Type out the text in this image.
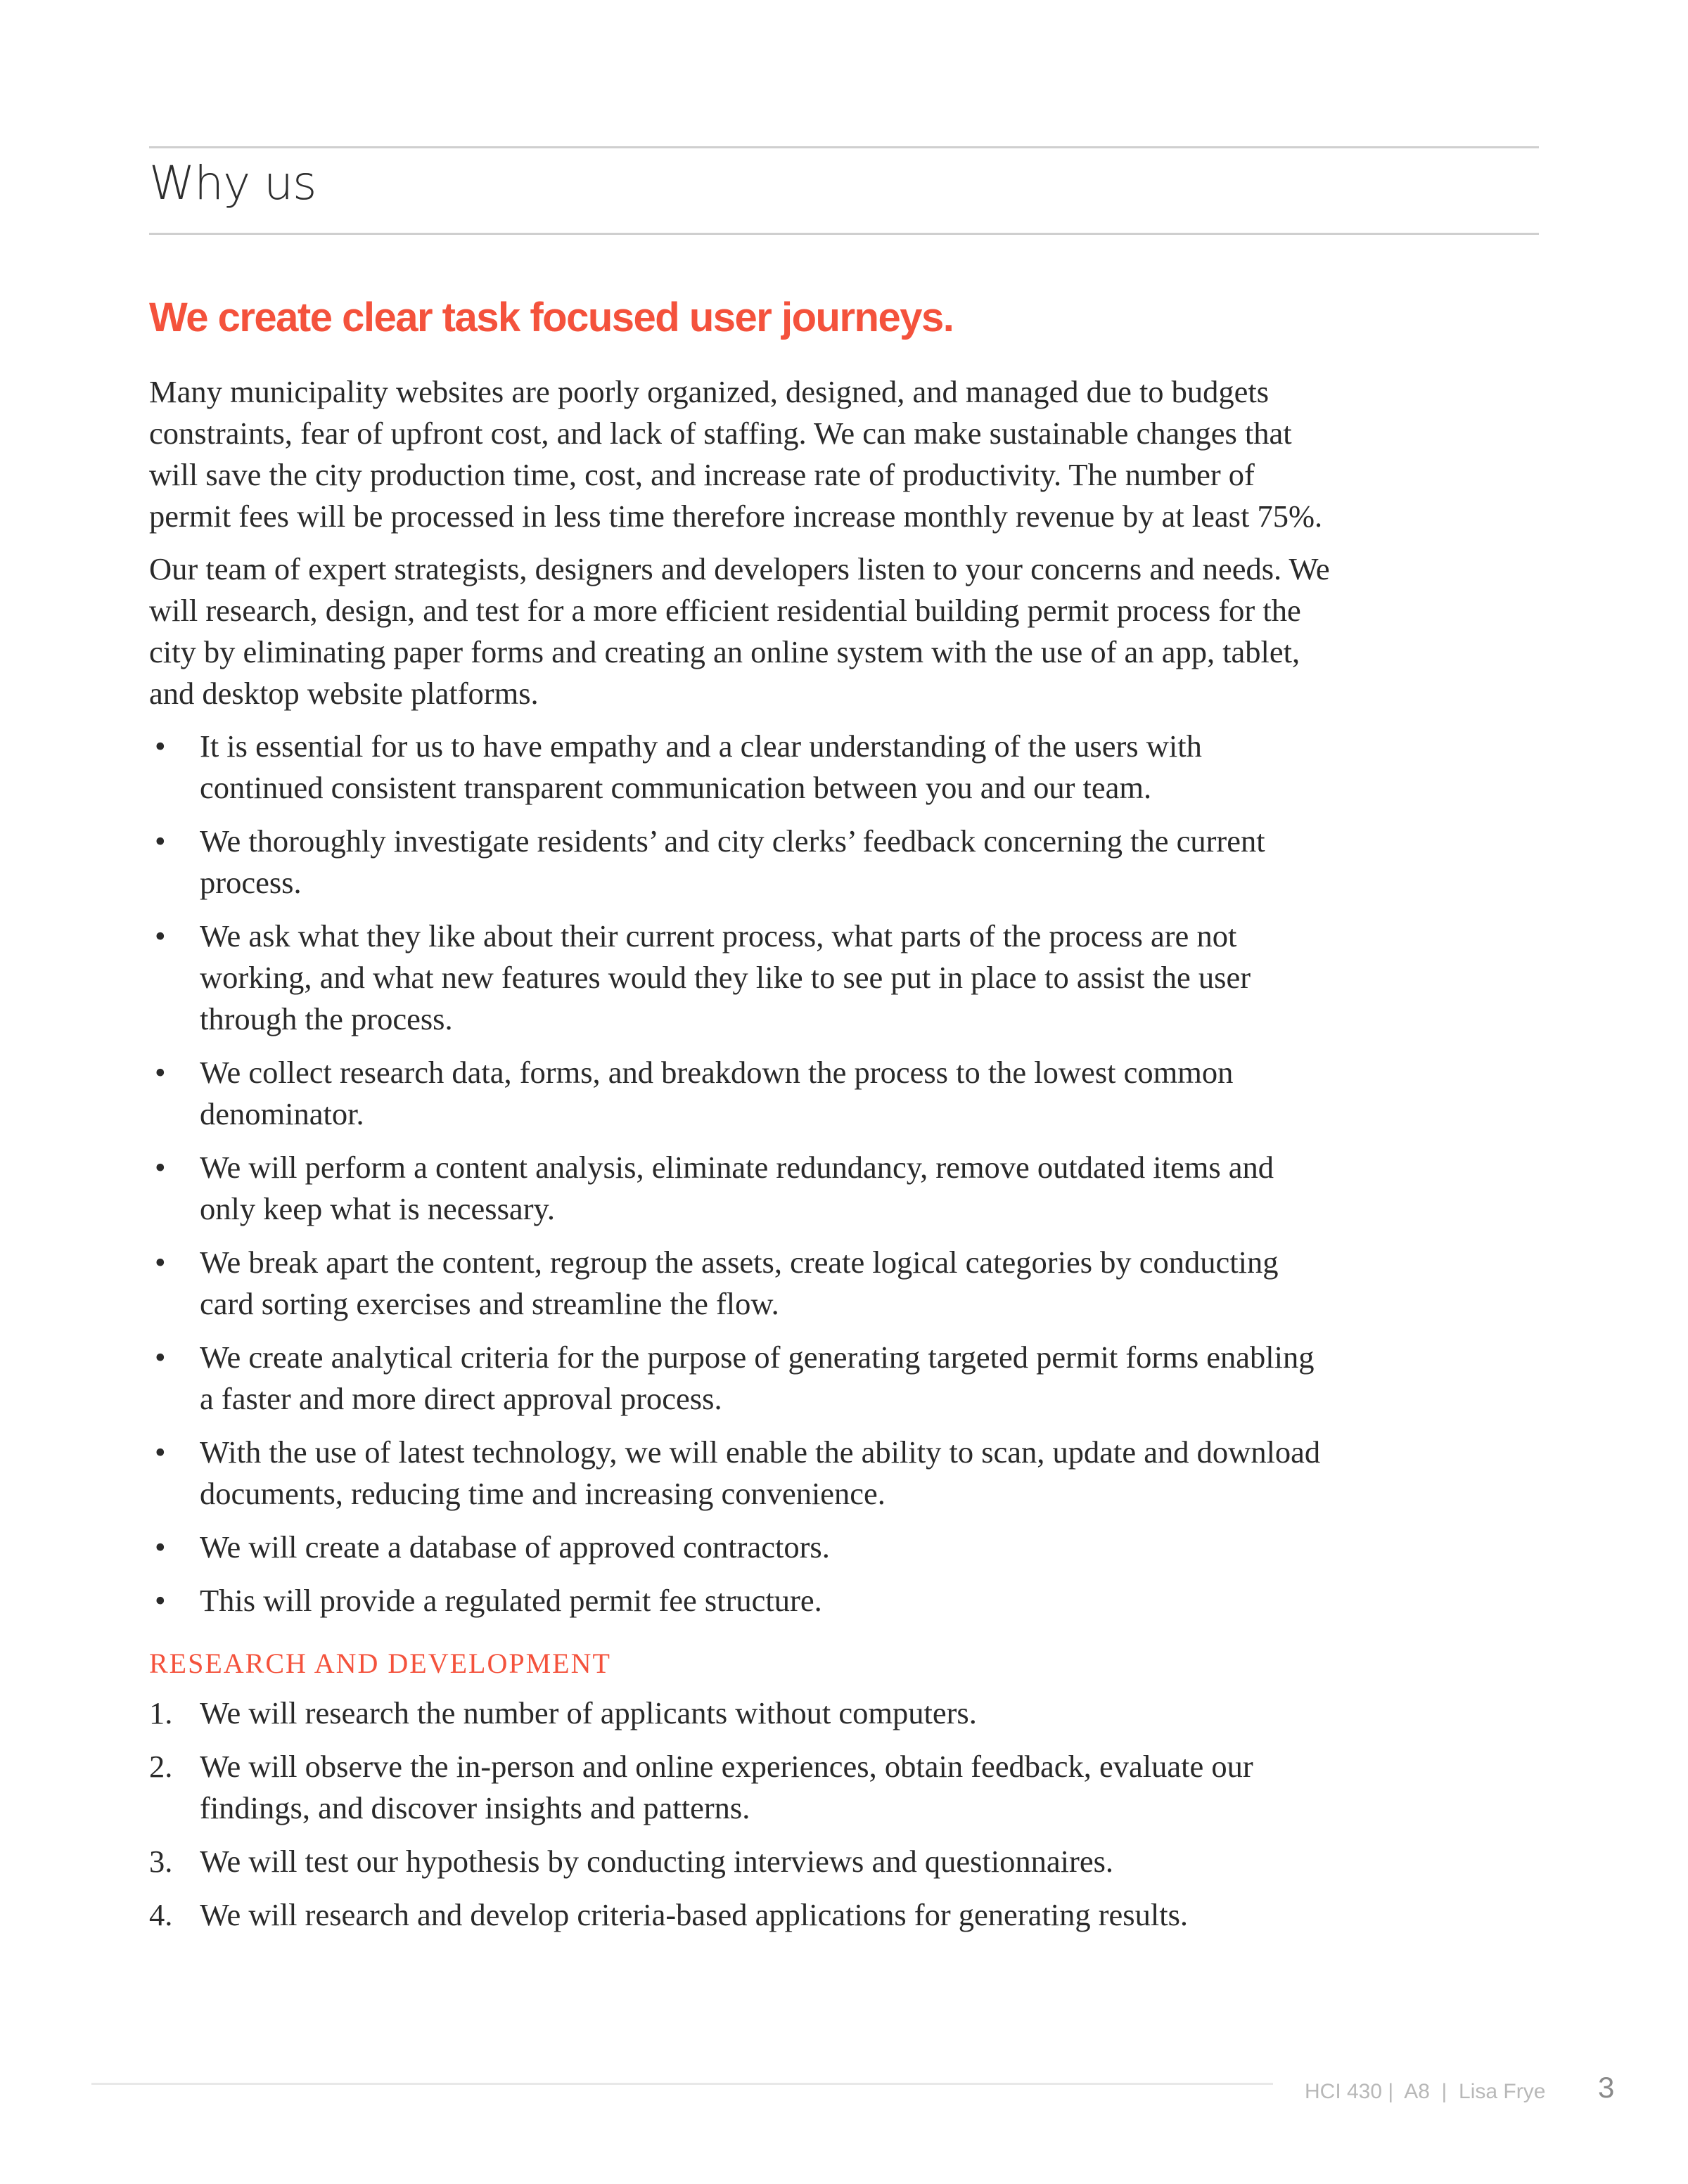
Why us
We create clear task focused user journeys.

Many municipality websites are poorly organized, designed, and managed due to budgets constraints, fear of upfront cost, and lack of staffing. We can make sustainable changes that will save the city production time, cost, and increase rate of productivity. The number of permit fees will be processed in less time therefore increase monthly revenue by at least 75%.

Our team of expert strategists, designers and developers listen to your concerns and needs. We will research, design, and test for a more efficient residential building permit process for the city by eliminating paper forms and creating an online system with the use of an app, tablet, and desktop website platforms.

•	It is essential for us to have empathy and a clear understanding of the users with continued consistent transparent communication between you and our team.
•	We thoroughly investigate residents’ and city clerks’ feedback concerning the current process.
•	We ask what they like about their current process, what parts of the process are not working, and what new features would they like to see put in place to assist the user through the process.
•	We collect research data, forms, and breakdown the process to the lowest common denominator.
•	We will perform a content analysis, eliminate redundancy, remove outdated items and only keep what is necessary.
•	We break apart the content, regroup the assets, create logical categories by conducting card sorting exercises and streamline the flow.
•	We create analytical criteria for the purpose of generating targeted permit forms enabling a faster and more direct approval process.
•	With the use of latest technology, we will enable the ability to scan, update and download documents, reducing time and increasing convenience.
•	We will create a database of approved contractors.
•	This will provide a regulated permit fee structure.
RESEARCH AND DEVELOPMENT
1. We will research the number of applicants without computers.
2. We will observe the in-person and online experiences, obtain feedback, evaluate our findings, and discover insights and patterns.
3. We will test our hypothesis by conducting interviews and questionnaires.
4. We will research and develop criteria-based applications for generating results.
HCI 430 |  A8  |  Lisa Frye 3
